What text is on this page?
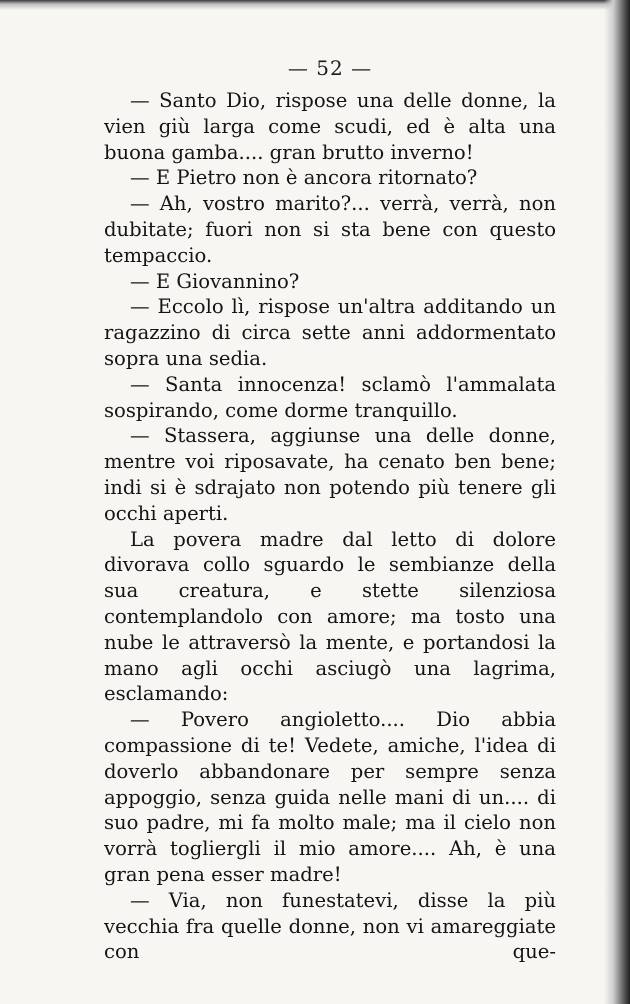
— 52 —

— Santo Dio, rispose una delle donne, la vien giù larga come scudi, ed è alta una buona gamba.... gran brutto inverno!

— E Pietro non è ancora ritornato?

— Ah, vostro marito?... verrà, verrà, non dubitate; fuori non si sta bene con questo tempaccio.

— E Giovannino?

— Eccolo lì, rispose un'altra additando un ragazzino di circa sette anni addormentato sopra una sedia.

— Santa innocenza! sclamò l'ammalata sospirando, come dorme tranquillo.

— Stassera, aggiunse una delle donne, mentre voi riposavate, ha cenato ben bene; indi si è sdrajato non potendo più tenere gli occhi aperti.

La povera madre dal letto di dolore divorava collo sguardo le sembianze della sua creatura, e stette silenziosa contemplandolo con amore; ma tosto una nube le attraversò la mente, e portandosi la mano agli occhi asciugò una lagrima, esclamando:

— Povero angioletto.... Dio abbia compassione di te! Vedete, amiche, l'idea di doverlo abbandonare per sempre senza appoggio, senza guida nelle mani di un.... di suo padre, mi fa molto male; ma il cielo non vorrà togliergli il mio amore.... Ah, è una gran pena esser madre!

— Via, non funestatevi, disse la più vecchia fra quelle donne, non vi amareggiate con que-
